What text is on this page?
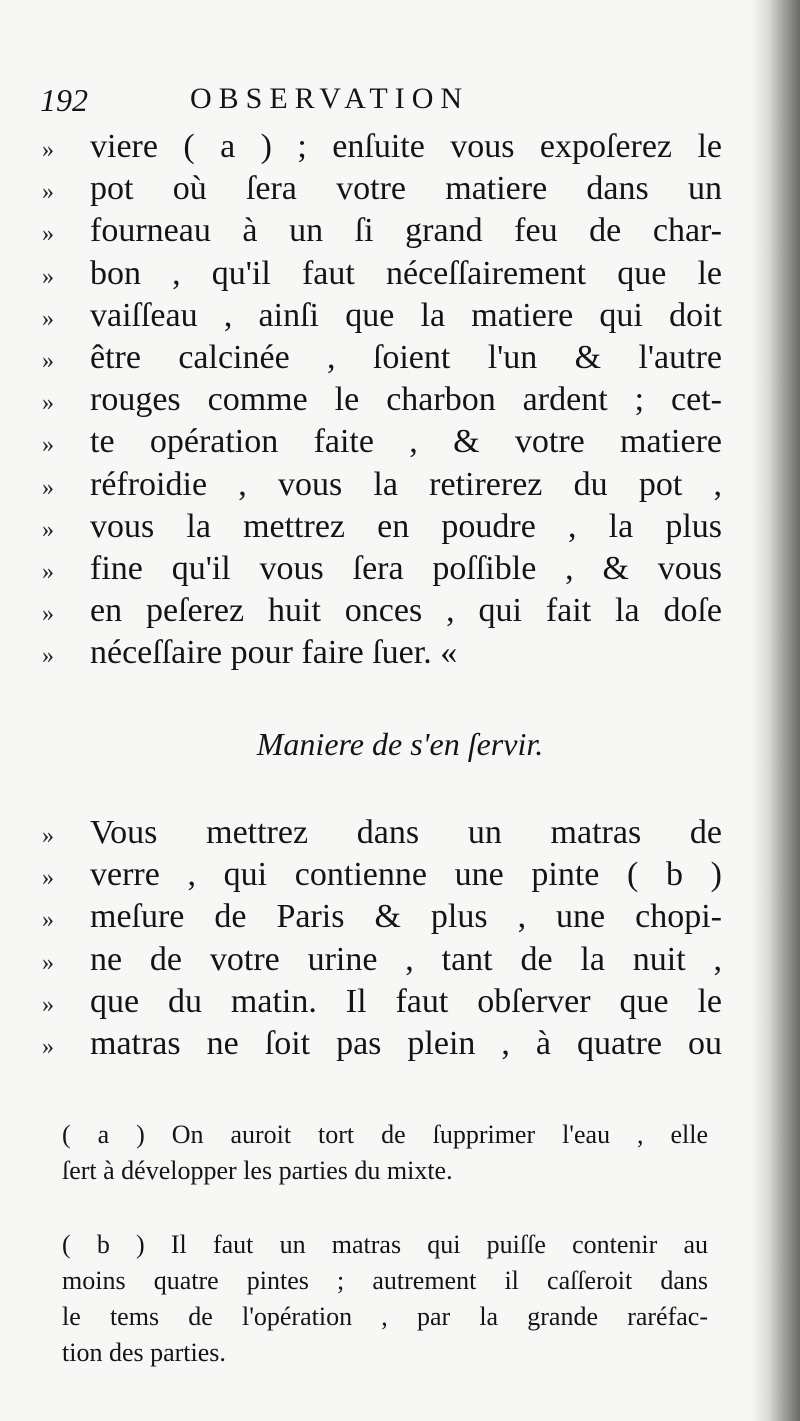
192	OBSERVATION
»	viere ( a ) ; enſuite vous expoſerez le
»	pot où ſera votre matiere dans un
»	fourneau à un ſi grand feu de char-
»	bon , qu'il faut néceſſairement que le
»	vaiſſeau , ainſi que la matiere qui doit
»	être calcinée , ſoient l'un & l'autre
»	rouges comme le charbon ardent ; cet-
»	te opération faite , & votre matiere
»	réfroidie , vous la retirerez du pot ,
»	vous la mettrez en poudre , la plus
»	fine qu'il vous ſera poſſible , & vous
»	en peſerez huit onces , qui fait la doſe
»	néceſſaire pour faire ſuer. «
Maniere de s'en ſervir.
»	Vous mettrez dans un matras de
»	verre , qui contienne une pinte ( b )
»	meſure de Paris & plus , une chopi-
»	ne de votre urine , tant de la nuit ,
»	que du matin. Il faut obſerver que le
»	matras ne ſoit pas plein , à quatre ou
( a ) On auroit tort de ſupprimer l'eau , elle
ſert à développer les parties du mixte.
( b ) Il faut un matras qui puiſſe contenir au
moins quatre pintes ; autrement il caſſeroit dans
le tems de l'opération , par la grande raréfac-
tion des parties.
